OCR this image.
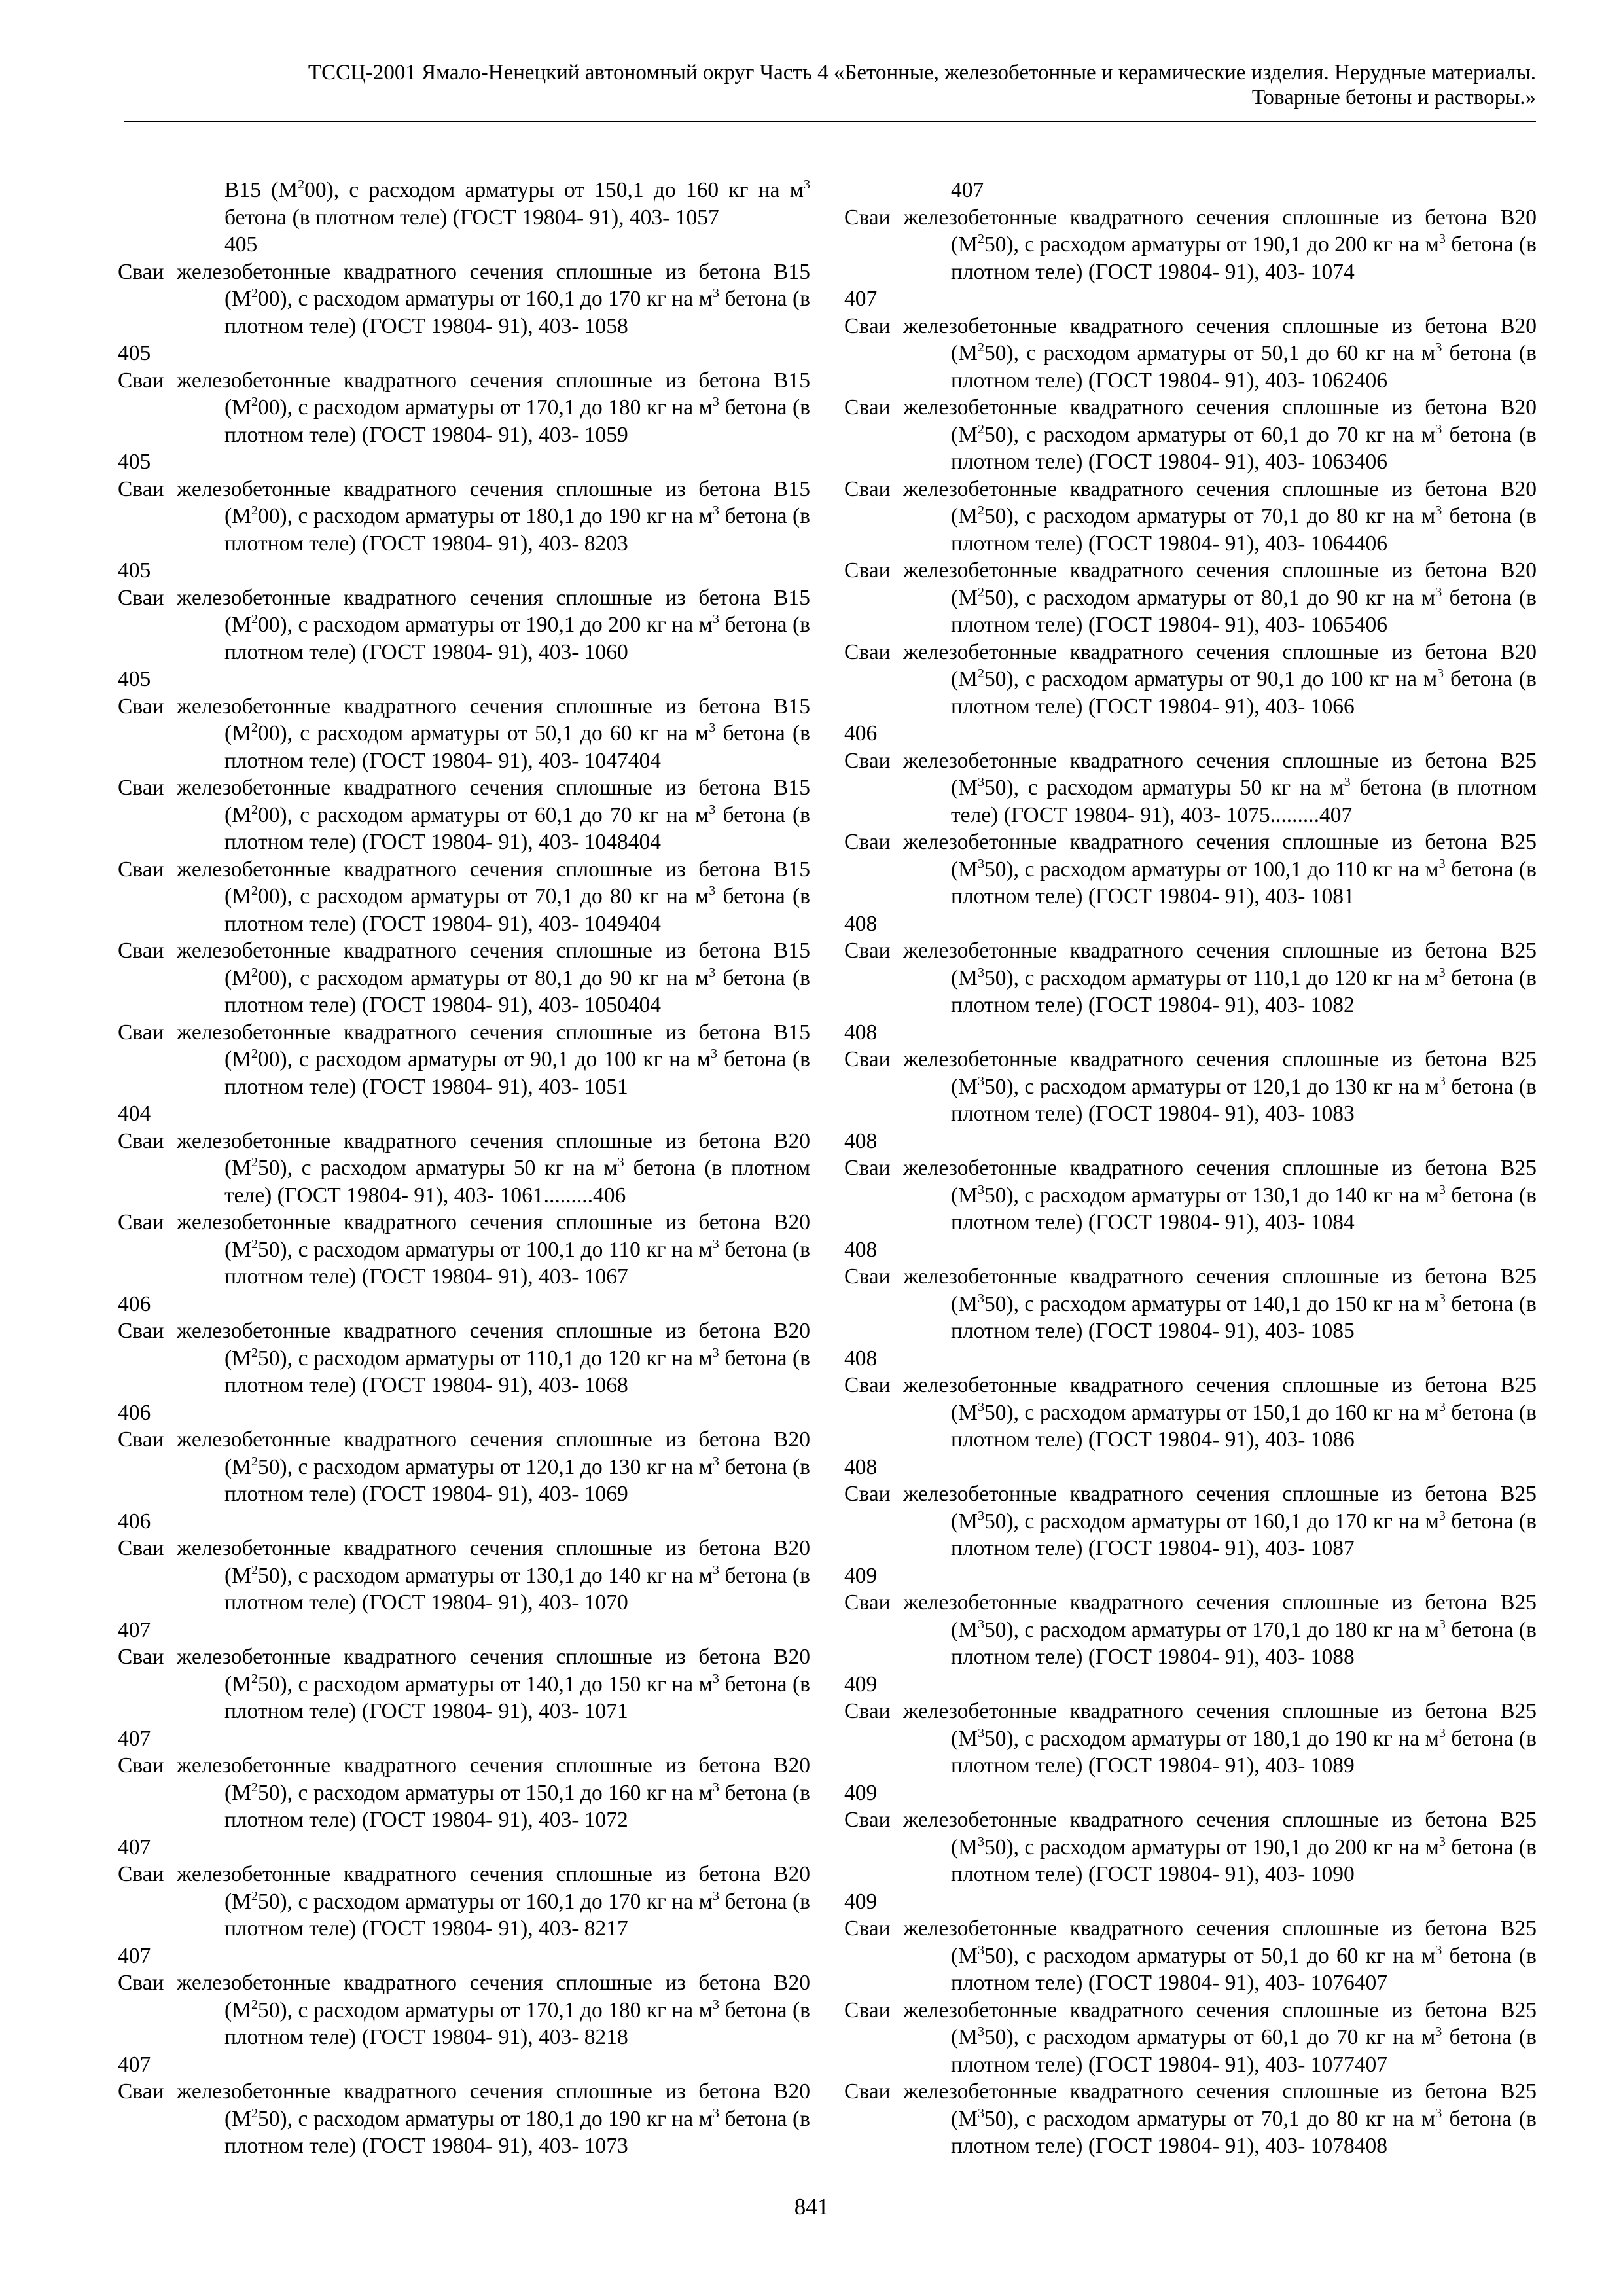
ТССЦ-2001 Ямало-Ненецкий автономный округ Часть 4 «Бетонные, железобетонные и керамические изделия. Нерудные материалы.
Товарные бетоны и растворы.»
В15 $(М^200)$, с расходом арматуры от 150,1 до 160 кг на $м^3$ бетона (в плотном теле) (ГОСТ 19804- 91), 403- 1057
405
Сваи железобетонные квадратного сечения сплошные из бетона В15 $(М^200)$, с расходом арматуры от 160,1 до 170 кг на $м^3$ бетона (в плотном теле) (ГОСТ 19804- 91), 403- 1058
405
Сваи железобетонные квадратного сечения сплошные из бетона В15 $(М^200)$, с расходом арматуры от 170,1 до 180 кг на $м^3$ бетона (в плотном теле) (ГОСТ 19804- 91), 403- 1059
405
Сваи железобетонные квадратного сечения сплошные из бетона В15 $(М^200)$, с расходом арматуры от 180,1 до 190 кг на $м^3$ бетона (в плотном теле) (ГОСТ 19804- 91), 403- 8203
405
Сваи железобетонные квадратного сечения сплошные из бетона В15 $(М^200)$, с расходом арматуры от 190,1 до 200 кг на $м^3$ бетона (в плотном теле) (ГОСТ 19804- 91), 403- 1060
405
Сваи железобетонные квадратного сечения сплошные из бетона В15 $(М^200)$, с расходом арматуры от 50,1 до 60 кг на $м^3$ бетона (в плотном теле) (ГОСТ 19804- 91), 403- 1047404
Сваи железобетонные квадратного сечения сплошные из бетона В15 $(М^200)$, с расходом арматуры от 60,1 до 70 кг на $м^3$ бетона (в плотном теле) (ГОСТ 19804- 91), 403- 1048404
Сваи железобетонные квадратного сечения сплошные из бетона В15 $(М^200)$, с расходом арматуры от 70,1 до 80 кг на $м^3$ бетона (в плотном теле) (ГОСТ 19804- 91), 403- 1049404
Сваи железобетонные квадратного сечения сплошные из бетона В15 $(М^200)$, с расходом арматуры от 80,1 до 90 кг на $м^3$ бетона (в плотном теле) (ГОСТ 19804- 91), 403- 1050404
Сваи железобетонные квадратного сечения сплошные из бетона В15 $(М^200)$, с расходом арматуры от 90,1 до 100 кг на $м^3$ бетона (в плотном теле) (ГОСТ 19804- 91), 403- 1051
404
Сваи железобетонные квадратного сечения сплошные из бетона В20 $(М^250)$, с расходом арматуры 50 кг на $м^3$ бетона (в плотном теле) (ГОСТ 19804- 91), 403- 1061.........406
Сваи железобетонные квадратного сечения сплошные из бетона В20 $(М^250)$, с расходом арматуры от 100,1 до 110 кг на $м^3$ бетона (в плотном теле) (ГОСТ 19804- 91), 403- 1067
406
Сваи железобетонные квадратного сечения сплошные из бетона В20 $(М^250)$, с расходом арматуры от 110,1 до 120 кг на $м^3$ бетона (в плотном теле) (ГОСТ 19804- 91), 403- 1068
406
Сваи железобетонные квадратного сечения сплошные из бетона В20 $(М^250)$, с расходом арматуры от 120,1 до 130 кг на $м^3$ бетона (в плотном теле) (ГОСТ 19804- 91), 403- 1069
406
Сваи железобетонные квадратного сечения сплошные из бетона В20 $(М^250)$, с расходом арматуры от 130,1 до 140 кг на $м^3$ бетона (в плотном теле) (ГОСТ 19804- 91), 403- 1070
407
Сваи железобетонные квадратного сечения сплошные из бетона В20 $(М^250)$, с расходом арматуры от 140,1 до 150 кг на $м^3$ бетона (в плотном теле) (ГОСТ 19804- 91), 403- 1071
407
Сваи железобетонные квадратного сечения сплошные из бетона В20 $(М^250)$, с расходом арматуры от 150,1 до 160 кг на $м^3$ бетона (в плотном теле) (ГОСТ 19804- 91), 403- 1072
407
Сваи железобетонные квадратного сечения сплошные из бетона В20 $(М^250)$, с расходом арматуры от 160,1 до 170 кг на $м^3$ бетона (в плотном теле) (ГОСТ 19804- 91), 403- 8217
407
Сваи железобетонные квадратного сечения сплошные из бетона В20 $(М^250)$, с расходом арматуры от 170,1 до 180 кг на $м^3$ бетона (в плотном теле) (ГОСТ 19804- 91), 403- 8218
407
Сваи железобетонные квадратного сечения сплошные из бетона В20 $(М^250)$, с расходом арматуры от 180,1 до 190 кг на $м^3$ бетона (в плотном теле) (ГОСТ 19804- 91), 403- 1073
407
Сваи железобетонные квадратного сечения сплошные из бетона В20 $(М^250)$, с расходом арматуры от 190,1 до 200 кг на $м^3$ бетона (в плотном теле) (ГОСТ 19804- 91), 403- 1074
407
Сваи железобетонные квадратного сечения сплошные из бетона В20 $(М^250)$, с расходом арматуры от 50,1 до 60 кг на $м^3$ бетона (в плотном теле) (ГОСТ 19804- 91), 403- 1062406
Сваи железобетонные квадратного сечения сплошные из бетона В20 $(М^250)$, с расходом арматуры от 60,1 до 70 кг на $м^3$ бетона (в плотном теле) (ГОСТ 19804- 91), 403- 1063406
Сваи железобетонные квадратного сечения сплошные из бетона В20 $(М^250)$, с расходом арматуры от 70,1 до 80 кг на $м^3$ бетона (в плотном теле) (ГОСТ 19804- 91), 403- 1064406
Сваи железобетонные квадратного сечения сплошные из бетона В20 $(М^250)$, с расходом арматуры от 80,1 до 90 кг на $м^3$ бетона (в плотном теле) (ГОСТ 19804- 91), 403- 1065406
Сваи железобетонные квадратного сечения сплошные из бетона В20 $(М^250)$, с расходом арматуры от 90,1 до 100 кг на $м^3$ бетона (в плотном теле) (ГОСТ 19804- 91), 403- 1066
406
Сваи железобетонные квадратного сечения сплошные из бетона В25 $(М^350)$, с расходом арматуры 50 кг на $м^3$ бетона (в плотном теле) (ГОСТ 19804- 91), 403- 1075.........407
Сваи железобетонные квадратного сечения сплошные из бетона В25 $(М^350)$, с расходом арматуры от 100,1 до 110 кг на $м^3$ бетона (в плотном теле) (ГОСТ 19804- 91), 403- 1081
408
Сваи железобетонные квадратного сечения сплошные из бетона В25 $(М^350)$, с расходом арматуры от 110,1 до 120 кг на $м^3$ бетона (в плотном теле) (ГОСТ 19804- 91), 403- 1082
408
Сваи железобетонные квадратного сечения сплошные из бетона В25 $(М^350)$, с расходом арматуры от 120,1 до 130 кг на $м^3$ бетона (в плотном теле) (ГОСТ 19804- 91), 403- 1083
408
Сваи железобетонные квадратного сечения сплошные из бетона В25 $(М^350)$, с расходом арматуры от 130,1 до 140 кг на $м^3$ бетона (в плотном теле) (ГОСТ 19804- 91), 403- 1084
408
Сваи железобетонные квадратного сечения сплошные из бетона В25 $(М^350)$, с расходом арматуры от 140,1 до 150 кг на $м^3$ бетона (в плотном теле) (ГОСТ 19804- 91), 403- 1085
408
Сваи железобетонные квадратного сечения сплошные из бетона В25 $(М^350)$, с расходом арматуры от 150,1 до 160 кг на $м^3$ бетона (в плотном теле) (ГОСТ 19804- 91), 403- 1086
408
Сваи железобетонные квадратного сечения сплошные из бетона В25 $(М^350)$, с расходом арматуры от 160,1 до 170 кг на $м^3$ бетона (в плотном теле) (ГОСТ 19804- 91), 403- 1087
409
Сваи железобетонные квадратного сечения сплошные из бетона В25 $(М^350)$, с расходом арматуры от 170,1 до 180 кг на $м^3$ бетона (в плотном теле) (ГОСТ 19804- 91), 403- 1088
409
Сваи железобетонные квадратного сечения сплошные из бетона В25 $(М^350)$, с расходом арматуры от 180,1 до 190 кг на $м^3$ бетона (в плотном теле) (ГОСТ 19804- 91), 403- 1089
409
Сваи железобетонные квадратного сечения сплошные из бетона В25 $(М^350)$, с расходом арматуры от 190,1 до 200 кг на $м^3$ бетона (в плотном теле) (ГОСТ 19804- 91), 403- 1090
409
Сваи железобетонные квадратного сечения сплошные из бетона В25 $(М^350)$, с расходом арматуры от 50,1 до 60 кг на $м^3$ бетона (в плотном теле) (ГОСТ 19804- 91), 403- 1076407
Сваи железобетонные квадратного сечения сплошные из бетона В25 $(М^350)$, с расходом арматуры от 60,1 до 70 кг на $м^3$ бетона (в плотном теле) (ГОСТ 19804- 91), 403- 1077407
Сваи железобетонные квадратного сечения сплошные из бетона В25 $(М^350)$, с расходом арматуры от 70,1 до 80 кг на $м^3$ бетона (в плотном теле) (ГОСТ 19804- 91), 403- 1078408
841
